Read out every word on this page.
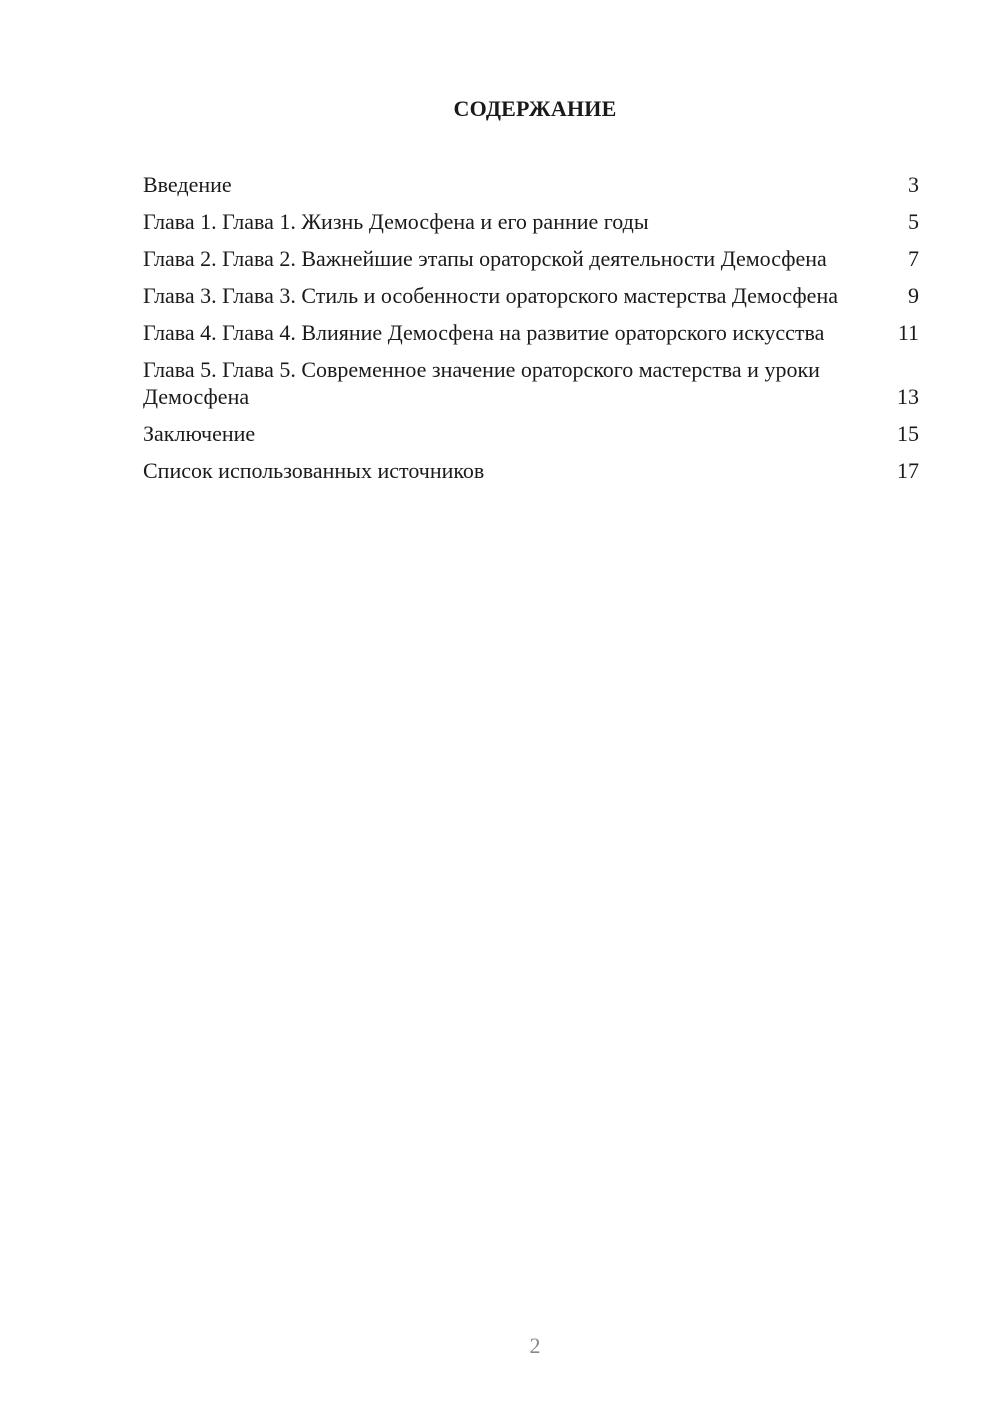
СОДЕРЖАНИЕ
Введение	3
Глава 1. Глава 1. Жизнь Демосфена и его ранние годы	5
Глава 2. Глава 2. Важнейшие этапы ораторской деятельности Демосфена	7
Глава 3. Глава 3. Стиль и особенности ораторского мастерства Демосфена	9
Глава 4. Глава 4. Влияние Демосфена на развитие ораторского искусства	11
Глава 5. Глава 5. Современное значение ораторского мастерства и уроки Демосфена	13
Заключение	15
Список использованных источников	17
2
